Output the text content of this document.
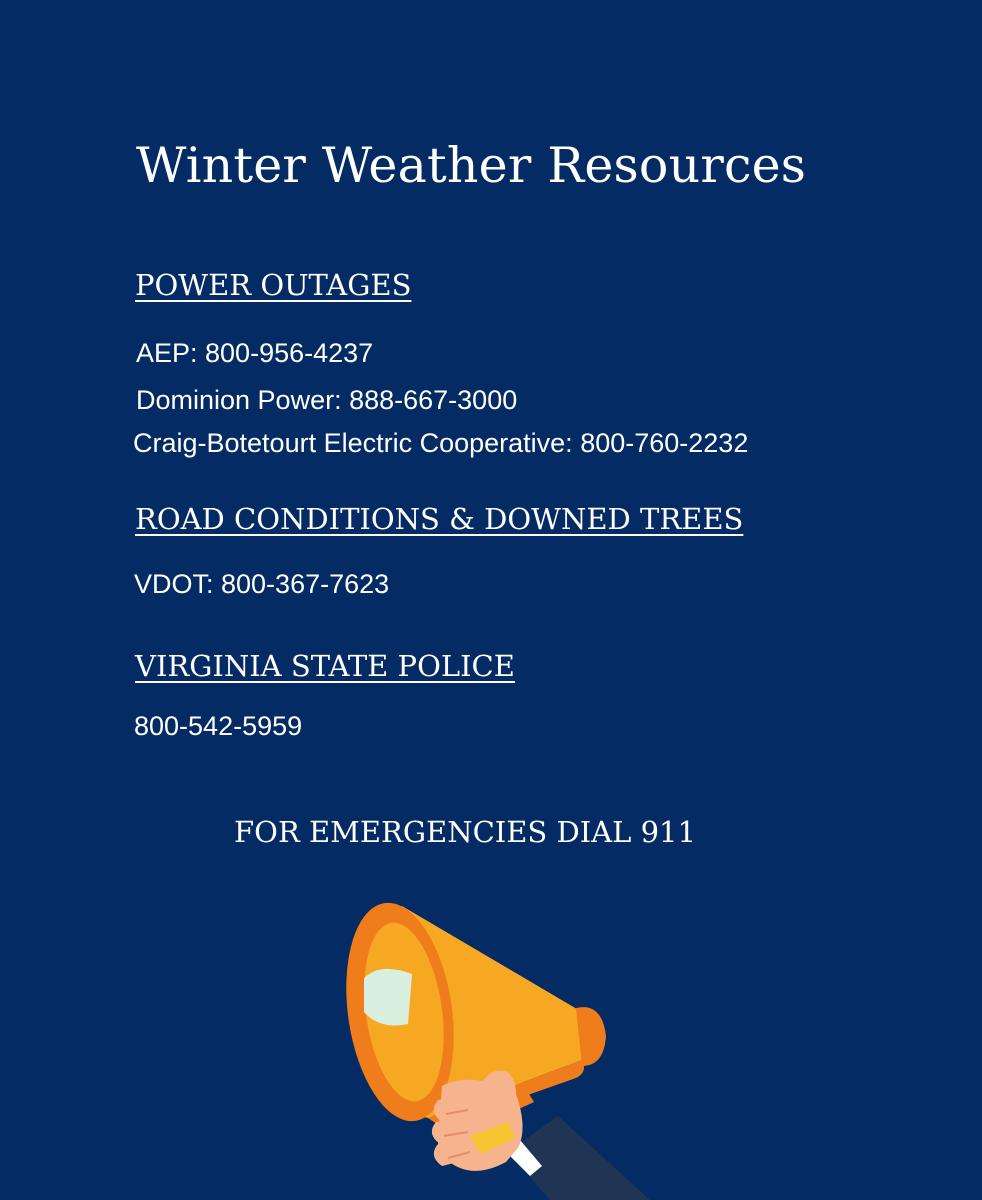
Winter Weather Resources
POWER OUTAGES

AEP: 800-956-4237

Dominion Power: 888-667-3000

Craig-Botetourt Electric Cooperative: 800-760-2232

ROAD CONDITIONS & DOWNED TREES

VDOT: 800-367-7623

VIRGINIA STATE POLICE

800-542-5959

FOR EMERGENCIES DIAL 911
